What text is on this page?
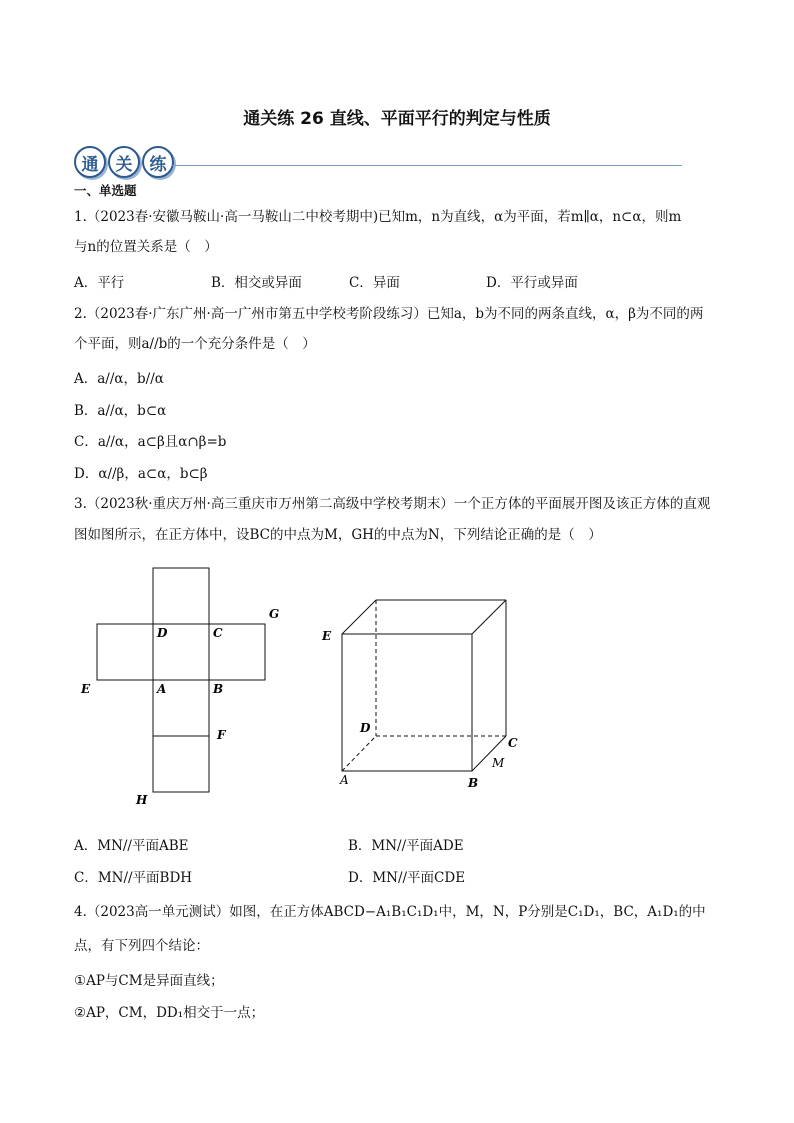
通关练 26 直线、平面平行的判定与性质
通	关	练
一、单选题
1.（2023春·安徽马鞍山·高一马鞍山二中校考期中)已知m，n为直线，α为平面，若m∥α，n⊂α，则m
与n的位置关系是（　）
A．平行	B．相交或异面	C．异面	D．平行或异面
2.（2023春·广东广州·高一广州市第五中学校考阶段练习）已知a，b为不同的两条直线，α，β为不同的两
个平面，则a//b的一个充分条件是（　）
A．a//α，b//α
B．a//α，b⊂α
C．a//α，a⊂β且α∩β=b
D．α//β，a⊂α，b⊂β
3.（2023秋·重庆万州·高三重庆市万州第二高级中学校考期末）一个正方体的平面展开图及该正方体的直观
图如图所示，在正方体中，设BC的中点为M，GH的中点为N，下列结论正确的是（　）
D	C
G
E	A	B
F
H
E
D
C
M
A	B
A．MN//平面ABE	B．MN//平面ADE
C．MN//平面BDH	D．MN//平面CDE
4.（2023高一单元测试）如图，在正方体ABCD−A₁B₁C₁D₁中，M，N，P分别是C₁D₁，BC，A₁D₁的中
点，有下列四个结论：
①AP与CM是异面直线；
②AP，CM，DD₁相交于一点；
